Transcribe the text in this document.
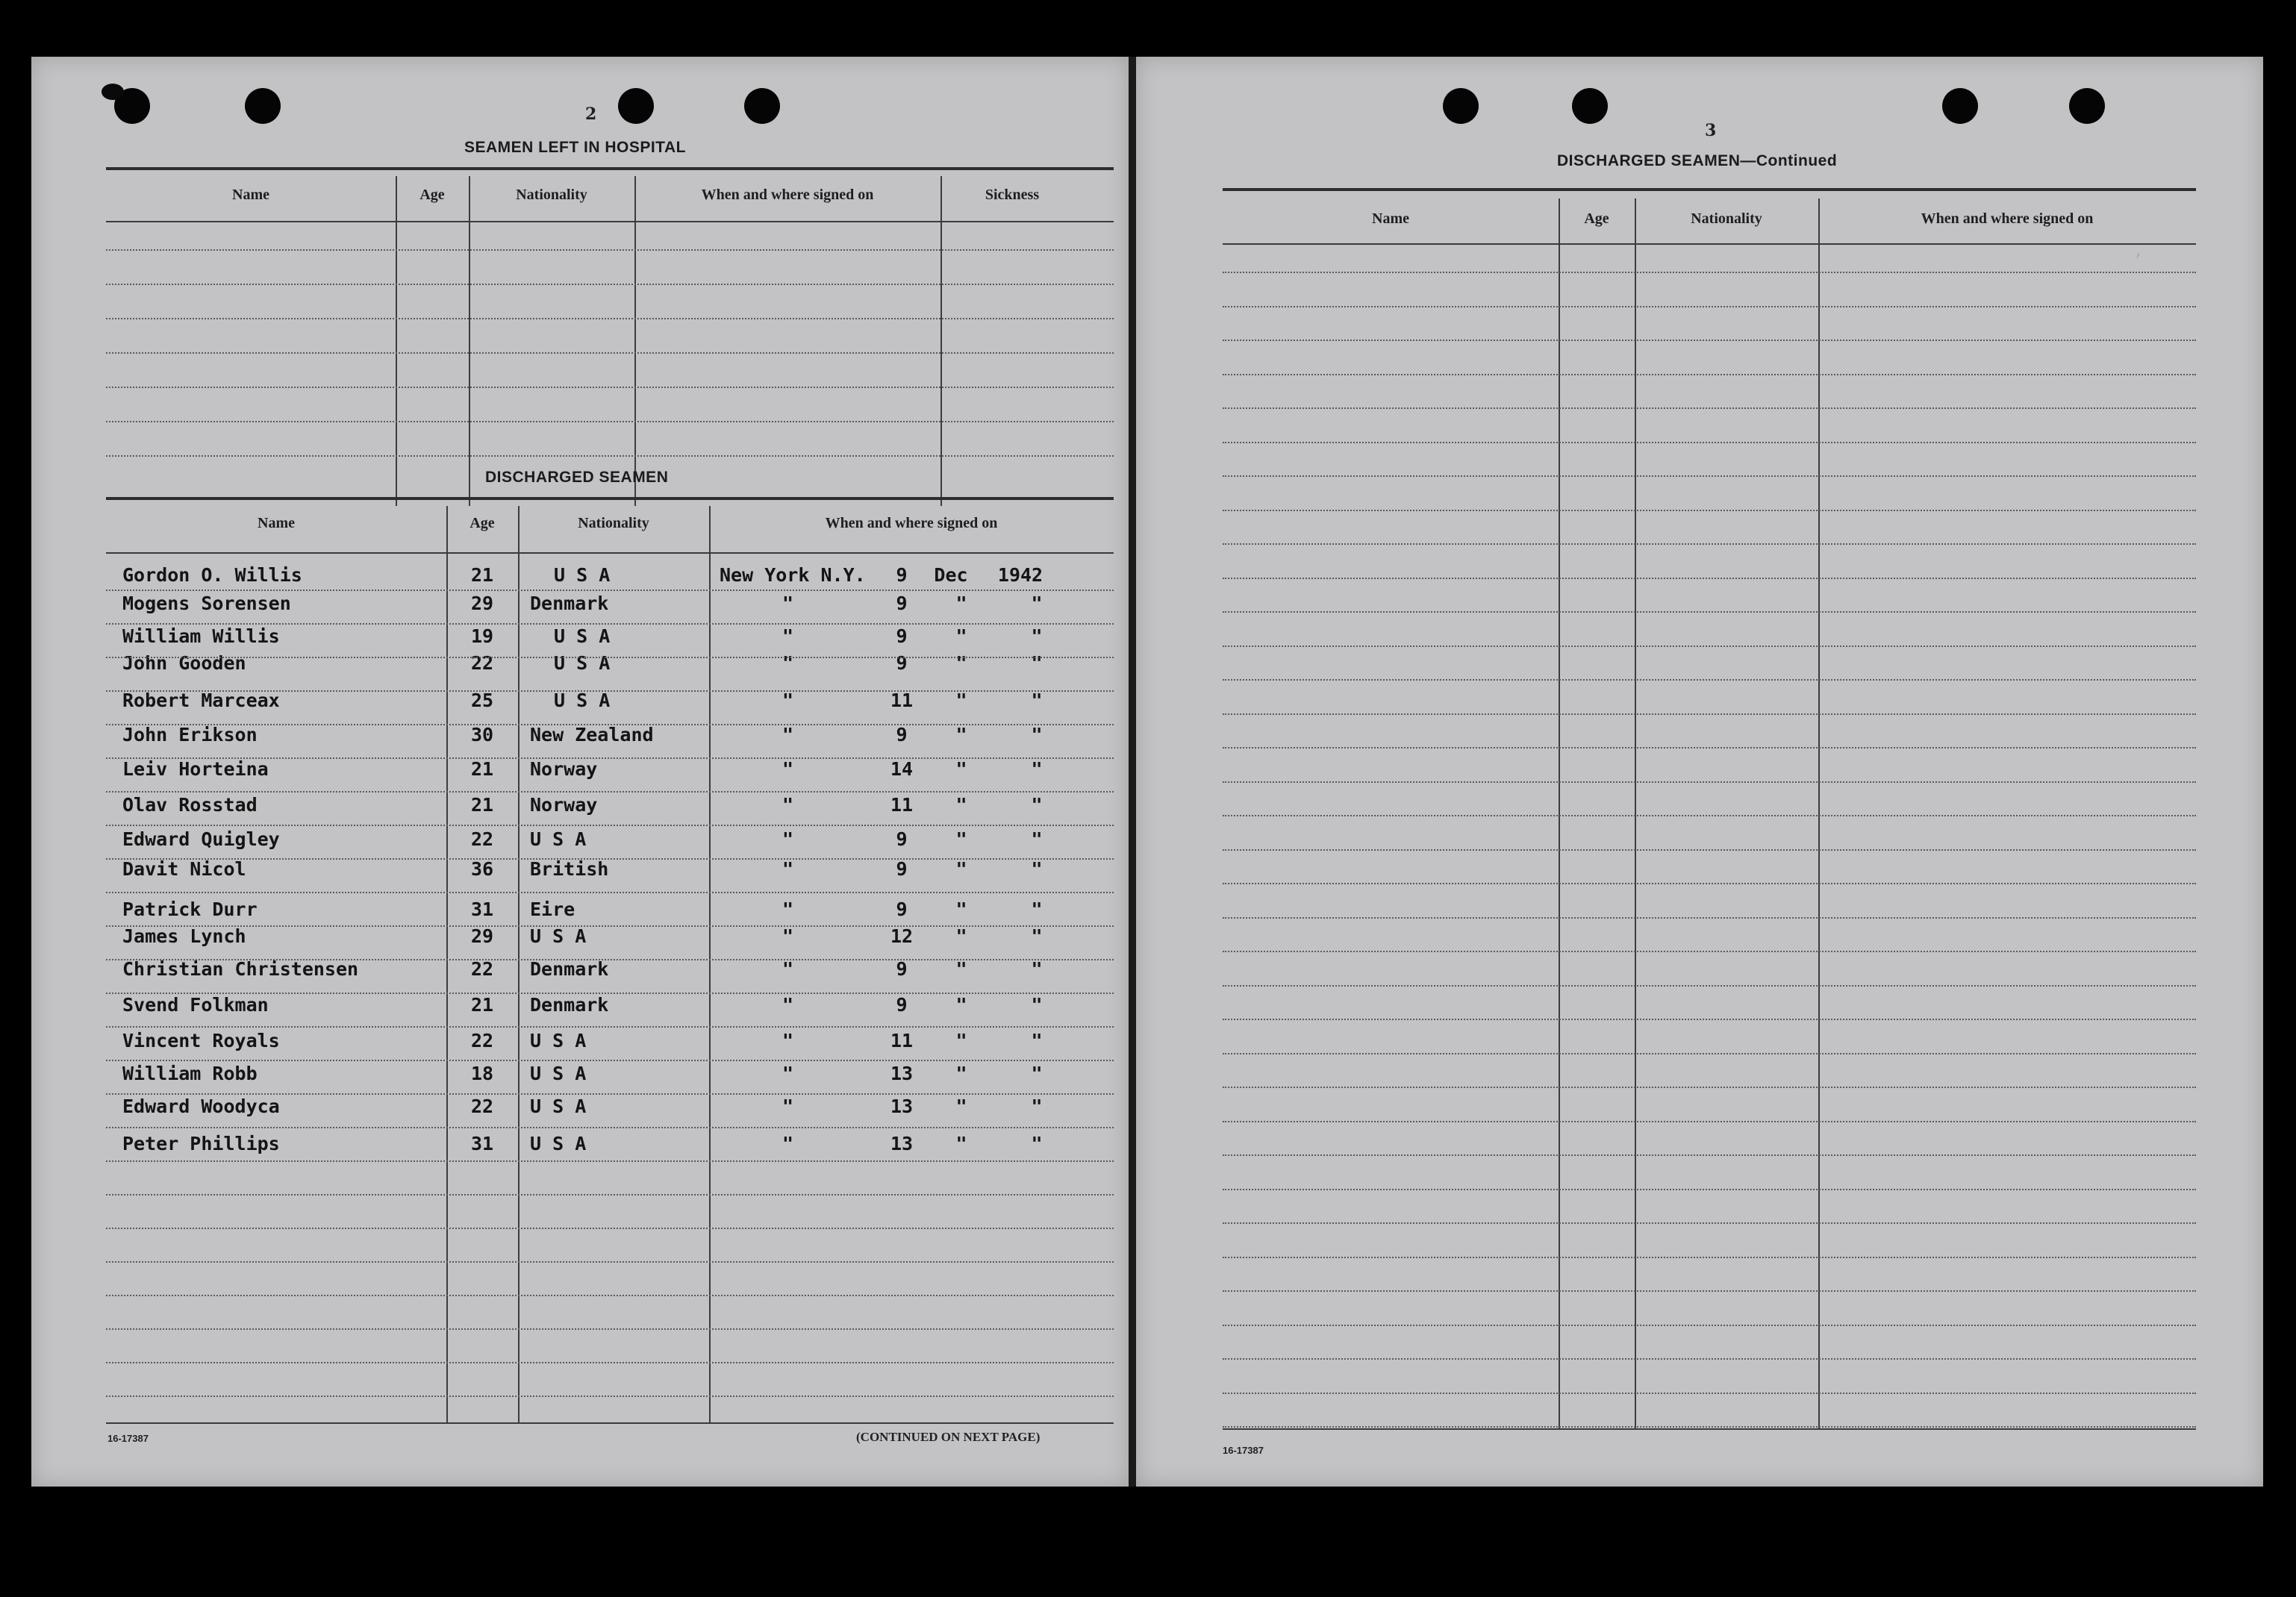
2
SEAMEN LEFT IN HOSPITAL
Name	Age	Nationality	When and where signed on	Sickness
DISCHARGED SEAMEN
Name	Age	Nationality	When and where signed on
Gordon O. Willis	21	U S A	New York N.Y.	9	Dec 1942
Mogens Sorensen	29	Denmark	"	9	"	"
William Willis	19	U S A	"	9	"	"
John Gooden	22	U S A	"	9	"	"
Robert Marceax	25	U S A	"	11	"	"
John Erikson	30	New Zealand	"	9	"	"
Leiv Horteina	21	Norway	"	14	"	"
Olav Rosstad	21	Norway	"	11	"	"
Edward Quigley	22	U S A	"	9	"	"
Davit Nicol	36	British	"	9	"	"
Patrick Durr	31	Eire	"	9	"	"
James Lynch	29	U S A	"	12	"	"
Christian Christensen	22	Denmark	"	9	"	"
Svend Folkman	21	Denmark	"	9	"	"
Vincent Royals	22	U S A	"	11	"	"
William Robb	18	U S A	"	13	"	"
Edward Woodyca	22	U S A	"	13	"	"
Peter Phillips	31	U S A	"	13	"	"
16-17387	(CONTINUED ON NEXT PAGE)
3
DISCHARGED SEAMEN—Continued
Name	Age	Nationality	When and where signed on
,
16-17387
